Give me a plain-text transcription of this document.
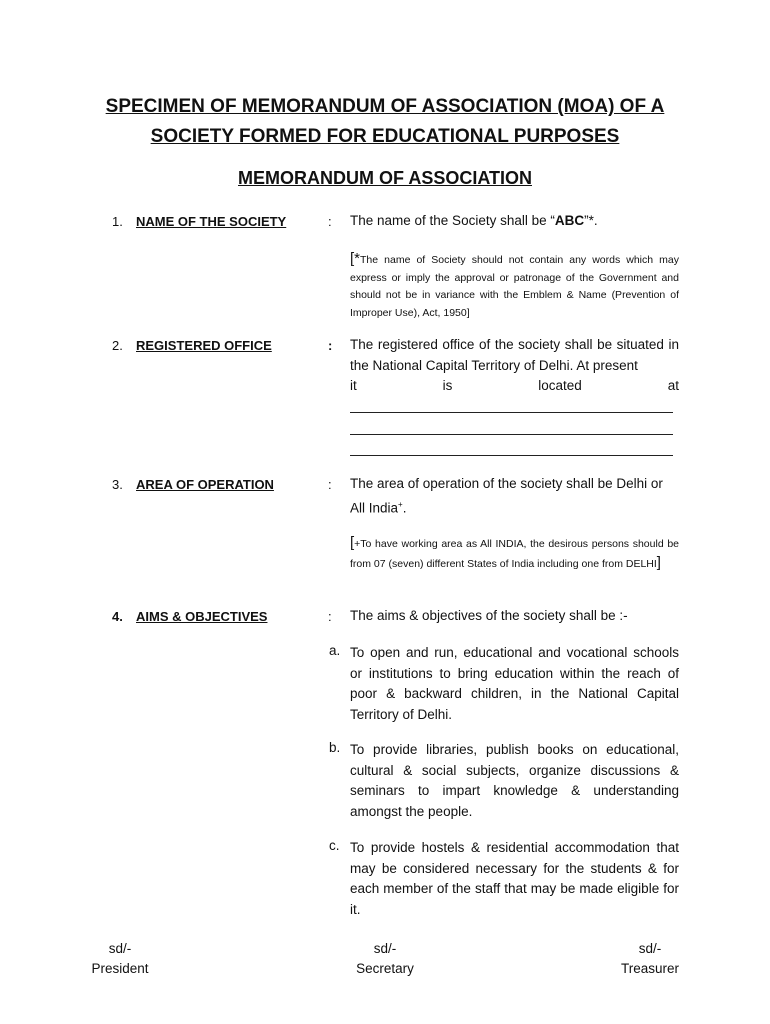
SPECIMEN OF MEMORANDUM OF ASSOCIATION (MOA) OF A
SOCIETY FORMED FOR EDUCATIONAL PURPOSES
MEMORANDUM OF ASSOCIATION
1. NAME OF THE SOCIETY	: The name of the Society shall be “ABC”*.
[*The name of Society should not contain any words which may express or imply the approval or patronage of the Government and should not be in variance with the Emblem & Name (Prevention of Improper Use), Act, 1950]
2. REGISTERED OFFICE	: The registered office of the society shall be situated in the National Capital Territory of Delhi. At present
it	is	located	at
3. AREA OF OPERATION	: The area of operation of the society shall be Delhi or
All India+.
[+To have working area as All INDIA, the desirous persons should be from 07 (seven) different States of India including one from DELHI]
4. AIMS & OBJECTIVES	: The aims & objectives of the society shall be :-
a. To open and run, educational and vocational schools or institutions to bring education within the reach of poor & backward children, in the National Capital Territory of Delhi.
b. To provide libraries, publish books on educational, cultural & social subjects, organize discussions & seminars to impart knowledge & understanding amongst the people.
c. To provide hostels & residential accommodation that may be considered necessary for the students & for each member of the staff that may be made eligible for it.
sd/-
President
sd/-
Secretary
sd/-
Treasurer
